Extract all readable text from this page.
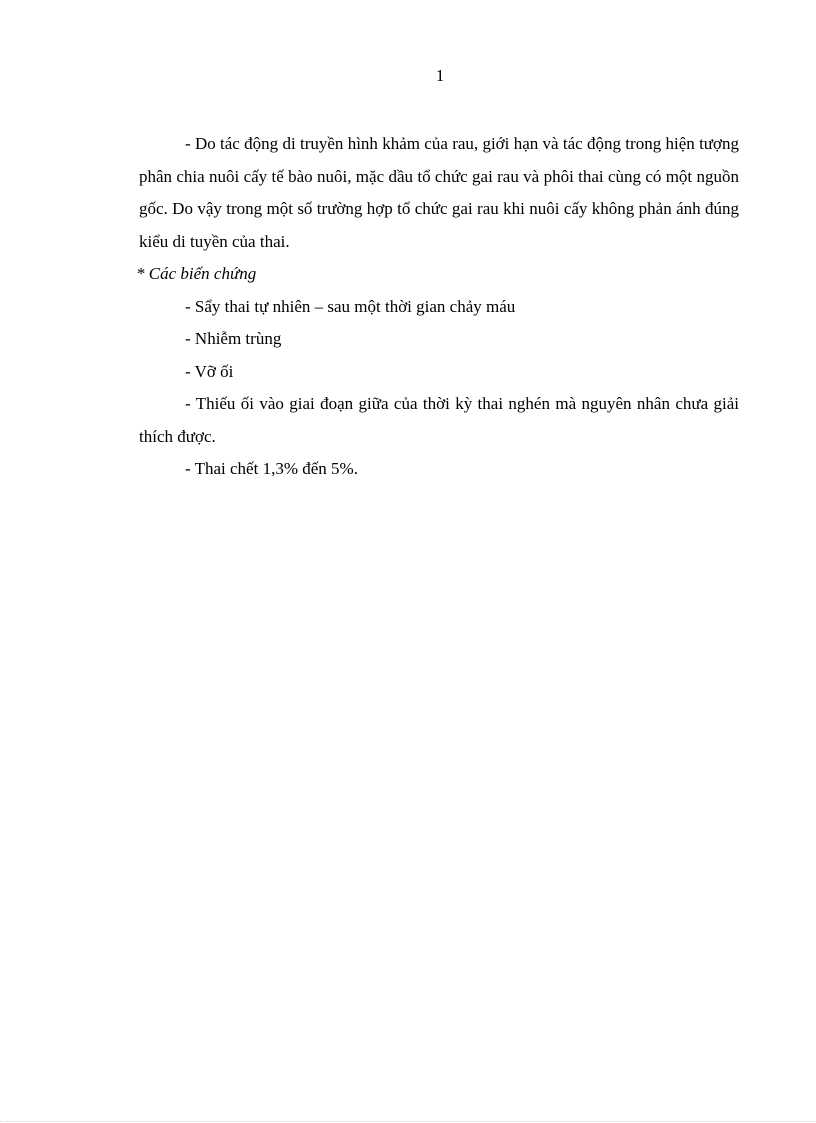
1

- Do tác động di truyền hình khảm của rau, giới hạn và tác động trong hiện tượng phân chia nuôi cấy tế bào nuôi, mặc dầu tổ chức gai rau và phôi thai cùng có một nguồn gốc. Do vậy trong một số trường hợp tổ chức gai rau khi nuôi cấy không phản ánh đúng kiểu di tuyền của thai.

* Các biến chứng

- Sẩy thai tự nhiên – sau một thời gian chảy máu

- Nhiễm trùng

- Vỡ ối

- Thiếu ối vào giai đoạn giữa của thời kỳ thai nghén mà nguyên nhân chưa giải thích được.

- Thai chết 1,3% đến 5%.
